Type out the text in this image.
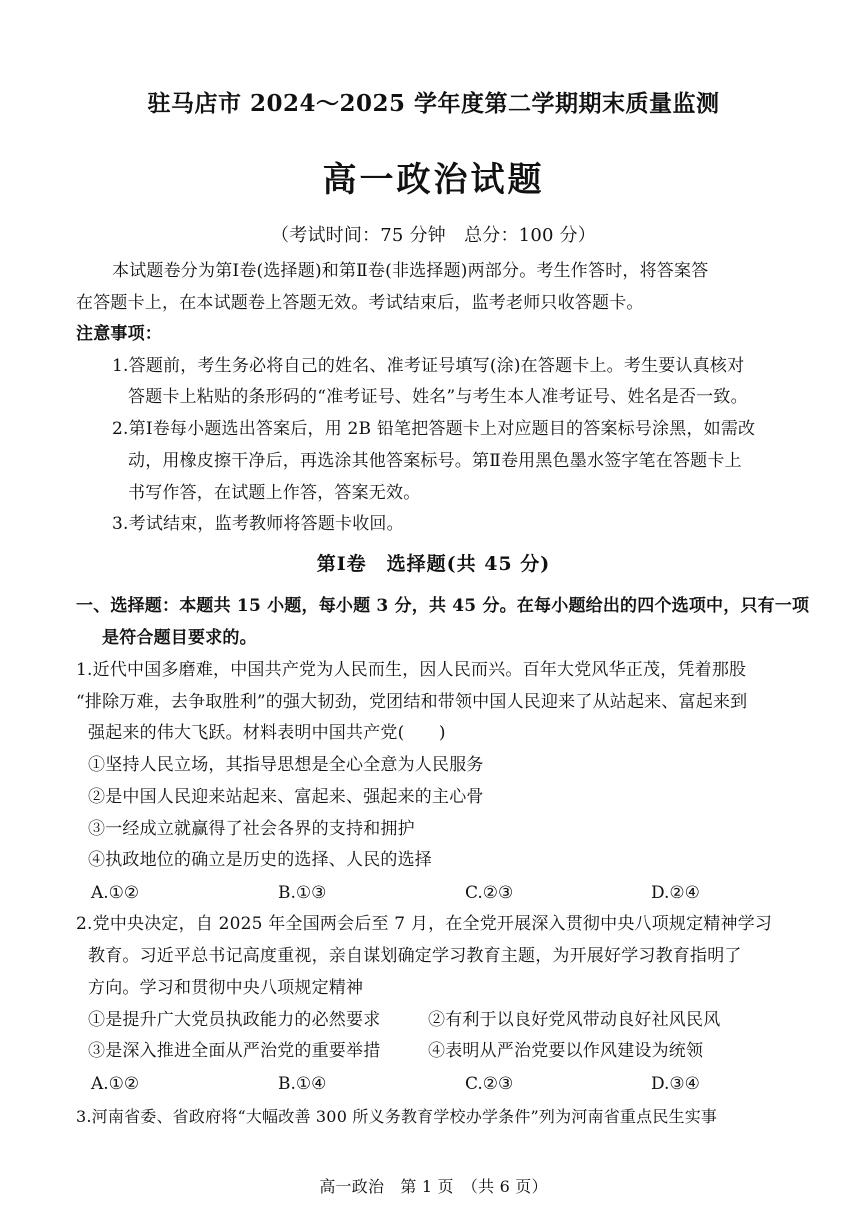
驻马店市 2024～2025 学年度第二学期期末质量监测
高一政治试题
（考试时间：75 分钟　总分：100 分）
本试题卷分为第Ⅰ卷(选择题)和第Ⅱ卷(非选择题)两部分。考生作答时，将答案答
在答题卡上，在本试题卷上答题无效。考试结束后，监考老师只收答题卡。
注意事项：
1.答题前，考生务必将自己的姓名、准考证号填写(涂)在答题卡上。考生要认真核对
答题卡上粘贴的条形码的“准考证号、姓名”与考生本人准考证号、姓名是否一致。
2.第Ⅰ卷每小题选出答案后，用 2B 铅笔把答题卡上对应题目的答案标号涂黑，如需改
动，用橡皮擦干净后，再选涂其他答案标号。第Ⅱ卷用黑色墨水签字笔在答题卡上
书写作答，在试题上作答，答案无效。
3.考试结束，监考教师将答题卡收回。
第Ⅰ卷　选择题(共 45 分)
一、选择题：本题共 15 小题，每小题 3 分，共 45 分。在每小题给出的四个选项中，只有一项
是符合题目要求的。
1.近代中国多磨难，中国共产党为人民而生，因人民而兴。百年大党风华正茂，凭着那股
“排除万难，去争取胜利”的强大韧劲，党团结和带领中国人民迎来了从站起来、富起来到
强起来的伟大飞跃。材料表明中国共产党(　　)
①坚持人民立场，其指导思想是全心全意为人民服务
②是中国人民迎来站起来、富起来、强起来的主心骨
③一经成立就赢得了社会各界的支持和拥护
④执政地位的确立是历史的选择、人民的选择
A.①②	B.①③	C.②③	D.②④
2.党中央决定，自 2025 年全国两会后至 7 月，在全党开展深入贯彻中央八项规定精神学习
教育。习近平总书记高度重视，亲自谋划确定学习教育主题，为开展好学习教育指明了
方向。学习和贯彻中央八项规定精神
①是提升广大党员执政能力的必然要求	②有利于以良好党风带动良好社风民风
③是深入推进全面从严治党的重要举措	④表明从严治党要以作风建设为统领
A.①②	B.①④	C.②③	D.③④
3.河南省委、省政府将“大幅改善 300 所义务教育学校办学条件”列为河南省重点民生实事
高一政治　第 1 页　（共 6 页）
